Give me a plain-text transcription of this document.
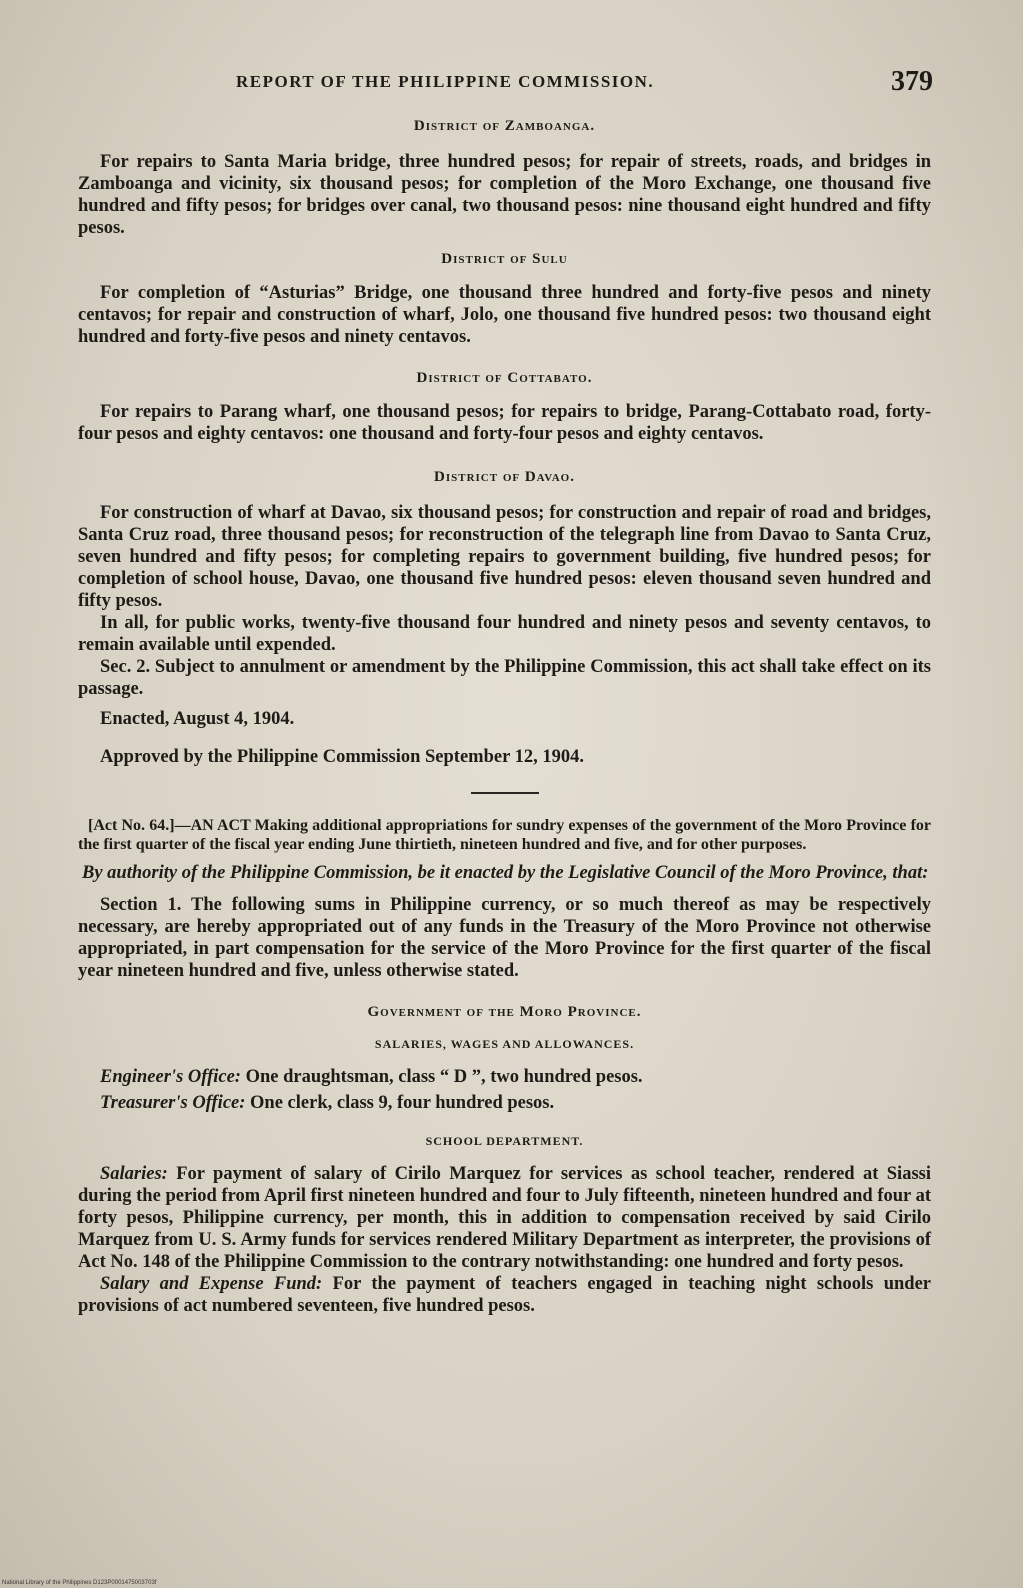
REPORT OF THE PHILIPPINE COMMISSION.	379
District of Zamboanga.

For repairs to Santa Maria bridge, three hundred pesos; for repair of streets, roads, and bridges in Zamboanga and vicinity, six thousand pesos; for completion of the Moro Exchange, one thousand five hundred and fifty pesos; for bridges over canal, two thousand pesos: nine thousand eight hundred and fifty pesos.

District of Sulu

For completion of “Asturias” Bridge, one thousand three hundred and forty-five pesos and ninety centavos; for repair and construction of wharf, Jolo, one thousand five hundred pesos: two thousand eight hundred and forty-five pesos and ninety centavos.

District of Cottabato.

For repairs to Parang wharf, one thousand pesos; for repairs to bridge, Parang-Cottabato road, forty-four pesos and eighty centavos: one thousand and forty-four pesos and eighty centavos.

District of Davao.

For construction of wharf at Davao, six thousand pesos; for construction and repair of road and bridges, Santa Cruz road, three thousand pesos; for reconstruction of the telegraph line from Davao to Santa Cruz, seven hundred and fifty pesos; for completing repairs to government building, five hundred pesos; for completion of school house, Davao, one thousand five hundred pesos: eleven thousand seven hundred and fifty pesos.

In all, for public works, twenty-five thousand four hundred and ninety pesos and seventy centavos, to remain available until expended.

Sec. 2. Subject to annulment or amendment by the Philippine Commission, this act shall take effect on its passage.

Enacted, August 4, 1904.

Approved by the Philippine Commission September 12, 1904.

[Act No. 64.]—AN ACT Making additional appropriations for sundry expenses of the government of the Moro Province for the first quarter of the fiscal year ending June thirtieth, nineteen hundred and five, and for other purposes.

By authority of the Philippine Commission, be it enacted by the Legislative Council of the Moro Province, that:

Section 1. The following sums in Philippine currency, or so much thereof as may be respectively necessary, are hereby appropriated out of any funds in the Treasury of the Moro Province not otherwise appropriated, in part compensation for the service of the Moro Province for the first quarter of the fiscal year nineteen hundred and five, unless otherwise stated.

Government of the Moro Province.
SALARIES, WAGES AND ALLOWANCES.

Engineer's Office: One draughtsman, class “ D ”, two hundred pesos.

Treasurer's Office: One clerk, class 9, four hundred pesos.

SCHOOL DEPARTMENT.

Salaries: For payment of salary of Cirilo Marquez for services as school teacher, rendered at Siassi during the period from April first nineteen hundred and four to July fifteenth, nineteen hundred and four at forty pesos, Philippine currency, per month, this in addition to compensation received by said Cirilo Marquez from U. S. Army funds for services rendered Military Department as interpreter, the provisions of Act No. 148 of the Philippine Commission to the contrary notwithstanding: one hundred and forty pesos.

Salary and Expense Fund: For the payment of teachers engaged in teaching night schools under provisions of act numbered seventeen, five hundred pesos.

National Library of the Philippines D123P0001475003703f
